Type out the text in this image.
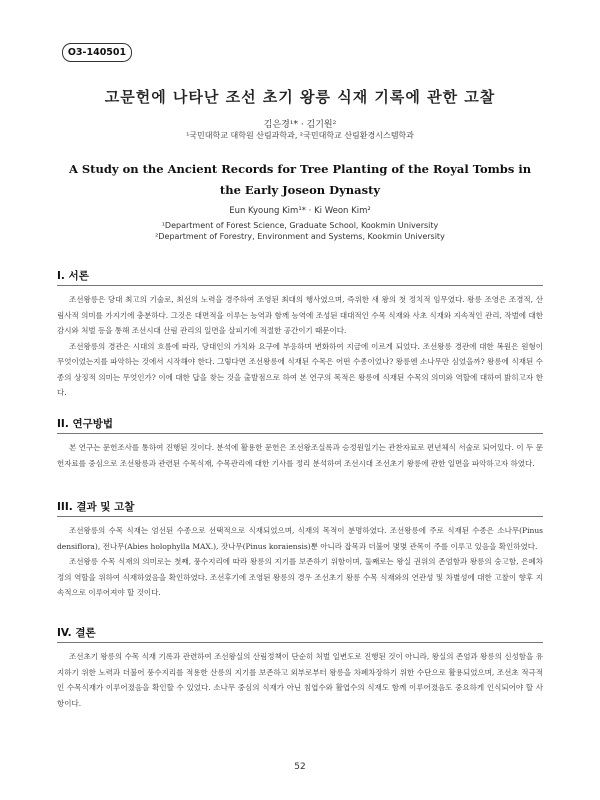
O3-140501
고문헌에 나타난 조선 초기 왕릉 식재 기록에 관한 고찰
김은경¹* · 김기원²
¹국민대학교 대학원 산림과학과, ²국민대학교 산림환경시스템학과
A Study on the Ancient Records for Tree Planting of the Royal Tombs in the Early Joseon Dynasty
Eun Kyoung Kim¹* · Ki Weon Kim²
¹Department of Forest Science, Graduate School, Kookmin University
²Department of Forestry, Environment and Systems, Kookmin University
I. 서론

조선왕릉은 당대 최고의 기술로, 최선의 노력을 경주하여 조영된 최대의 행사였으며, 즉위한 새 왕의 첫 정치적 임무였다. 왕릉 조영은 조경적, 산림사적 의미를 가지기에 충분하다. 그것은 대면적을 이루는 능역과 함께 능역에 조성된 대대적인 수목 식재와 사초 식재와 지속적인 관리, 작벌에 대한 감시와 처벌 등을 통해 조선시대 산림 관리의 일면을 살피기에 적절한 공간이기 때문이다.

조선왕릉의 경관은 시대의 흐름에 따라, 당대인의 가치와 요구에 부응하며 변화하여 지금에 이르게 되었다. 조선왕릉 경관에 대한 복원은 원형이 무엇이었는지를 파악하는 것에서 시작해야 한다. 그렇다면 조선왕릉에 식재된 수목은 어떤 수종이었나? 왕릉엔 소나무만 심었을까? 왕릉에 식재된 수종의 상징적 의미는 무엇인가? 이에 대한 답을 찾는 것을 출발점으로 하여 본 연구의 목적은 왕릉에 식재된 수목의 의미와 역할에 대하여 밝히고자 한다.

II. 연구방법

본 연구는 문헌조사를 통하여 진행된 것이다. 분석에 활용한 문헌은 조선왕조실록과 승정원일기는 관찬자료로 편년체식 서술로 되어있다. 이 두 문헌자료를 중심으로 조선왕릉과 관련된 수목식재, 수목관리에 대한 기사를 정리 분석하여 조선시대 조선초기 왕릉에 관한 일면을 파악하고자 하였다.

III. 결과 및 고찰

조선왕릉의 수목 식재는 엄선된 수종으로 선택적으로 식재되었으며, 식재의 목적이 분명하였다. 조선왕릉에 주로 식재된 수종은 소나무(Pinus densiflora), 전나무(Abies holophylla MAX.), 잣나무(Pinus koraiensis)뿐 아니라 잡목과 더불어 몇몇 관목이 주를 이루고 있음을 확인하였다.

조선왕릉 수목 식재의 의미로는 첫째, 풍수지리에 따라 왕릉의 지기를 보존하기 위함이며, 둘째로는 왕실 권위의 존엄함과 왕릉의 숭고함, 은폐차정의 역할을 위하여 식재하였음을 확인하였다. 조선후기에 조영된 왕릉의 경우 조선초기 왕릉 수목 식재와의 연관성 및 차별성에 대한 고찰이 향후 지속적으로 이루어져야 할 것이다.

IV. 결론

조선초기 왕릉의 수목 식재 기록과 관련하여 조선왕실의 산림정책이 단순히 처벌 일변도로 진행된 것이 아니라, 왕실의 존엄과 왕릉의 신성함을 유지하기 위한 노력과 더불어 풍수지리를 적용한 산릉의 지기를 보존하고 외부로부터 왕릉을 차폐차장하기 위한 수단으로 활용되었으며, 조선초 적극적인 수목식재가 이루어졌음을 확인할 수 있었다. 소나무 중심의 식재가 아닌 침엽수와 활엽수의 식재도 함께 이루어졌음도 중요하게 인식되어야 할 사항이다.

52
